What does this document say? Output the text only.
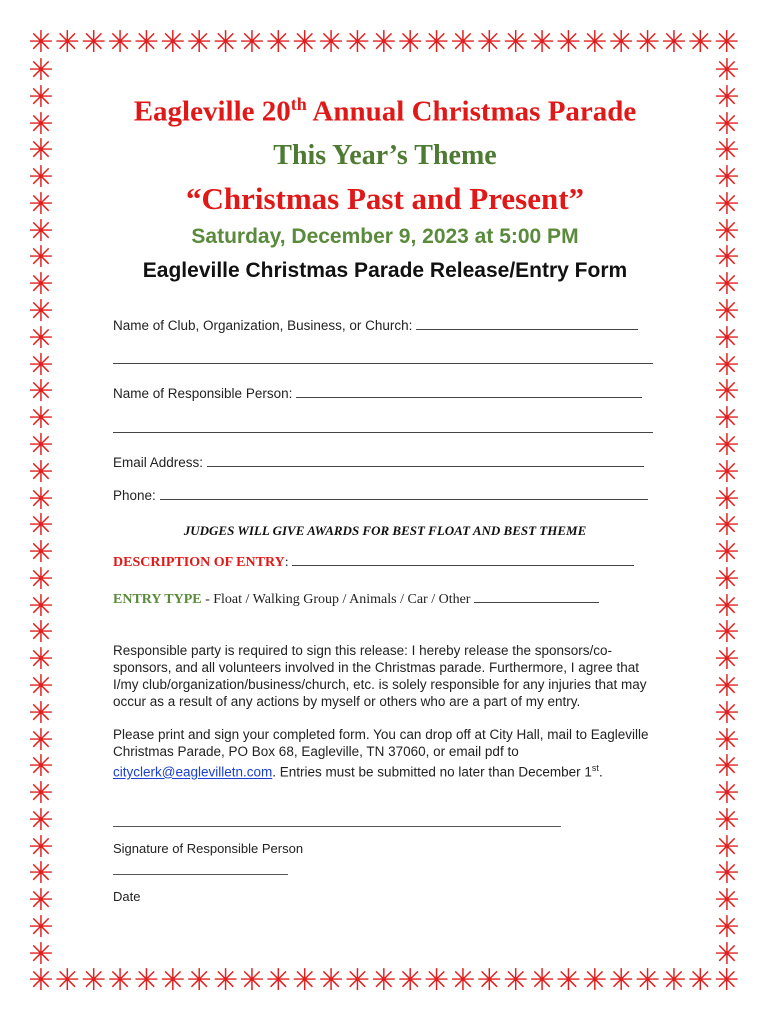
✳ ✳ ✳ ✳ ✳ ✳ ✳ ✳ ✳ ✳ ✳ ✳ ✳ ✳ ✳ ✳ ✳ ✳ ✳ ✳ ✳ ✳ ✳ ✳ ✳ ✳ ✳
✳ ✳ ✳ ✳ ✳ ✳ ✳ ✳ ✳ ✳ ✳ ✳ ✳ ✳ ✳ ✳ ✳ ✳ ✳ ✳ ✳ ✳ ✳ ✳ ✳ ✳ ✳
✳
✳
✳
✳
✳
✳
✳
✳
✳
✳
✳
✳
✳
✳
✳
✳
✳
✳
✳
✳
✳
✳
✳
✳
✳
✳
✳
✳
✳
✳
✳
✳
✳
✳
✳
✳
✳
✳
✳
✳
✳
✳
✳
✳
✳
✳
✳
✳
✳
✳
✳
✳
✳
✳
✳
✳
✳
✳
✳
✳
✳
✳
✳
✳
✳
✳
✳
✳
Eagleville 20th Annual Christmas Parade
This Year’s Theme
“Christmas Past and Present”
Saturday, December 9, 2023 at 5:00 PM
Eagleville Christmas Parade Release/Entry Form
Name of Club, Organization, Business, or Church:
Name of Responsible Person:
Email Address:
Phone:
JUDGES WILL GIVE AWARDS FOR BEST FLOAT AND BEST THEME
DESCRIPTION OF ENTRY:
ENTRY TYPE - Float / Walking Group / Animals / Car / Other
Responsible party is required to sign this release: I hereby release the sponsors/co-sponsors, and all volunteers involved in the Christmas parade. Furthermore, I agree that I/my club/organization/business/church, etc. is solely responsible for any injuries that may occur as a result of any actions by myself or others who are a part of my entry.
Please print and sign your completed form. You can drop off at City Hall, mail to Eagleville Christmas Parade, PO Box 68, Eagleville, TN 37060, or email pdf to cityclerk@eaglevilletn.com. Entries must be submitted no later than December 1st.
Signature of Responsible Person
Date
